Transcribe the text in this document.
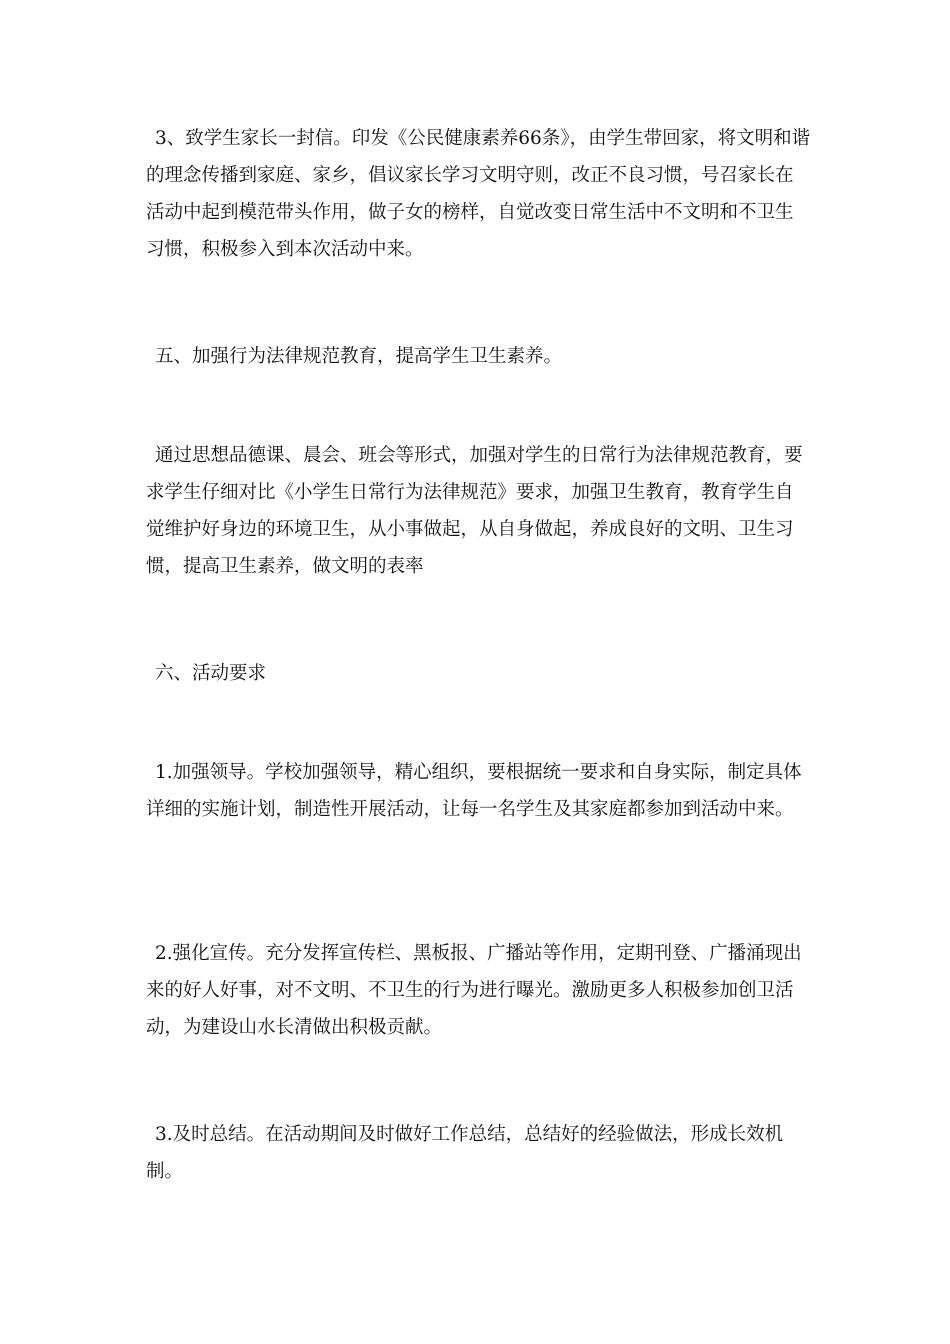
3、致学生家长一封信。印发《公民健康素养66条》，由学生带回家，将文明和谐的理念传播到家庭、家乡，倡议家长学习文明守则，改正不良习惯，号召家长在活动中起到模范带头作用，做子女的榜样，自觉改变日常生活中不文明和不卫生习惯，积极参入到本次活动中来。

五、加强行为法律规范教育，提高学生卫生素养。

通过思想品德课、晨会、班会等形式，加强对学生的日常行为法律规范教育，要求学生仔细对比《小学生日常行为法律规范》要求，加强卫生教育，教育学生自觉维护好身边的环境卫生，从小事做起，从自身做起，养成良好的文明、卫生习惯，提高卫生素养，做文明的表率

六、活动要求

1.加强领导。学校加强领导，精心组织，要根据统一要求和自身实际，制定具体详细的实施计划，制造性开展活动，让每一名学生及其家庭都参加到活动中来。

2.强化宣传。充分发挥宣传栏、黑板报、广播站等作用，定期刊登、广播涌现出来的好人好事，对不文明、不卫生的行为进行曝光。激励更多人积极参加创卫活动，为建设山水长清做出积极贡献。

3.及时总结。在活动期间及时做好工作总结，总结好的经验做法，形成长效机制。
